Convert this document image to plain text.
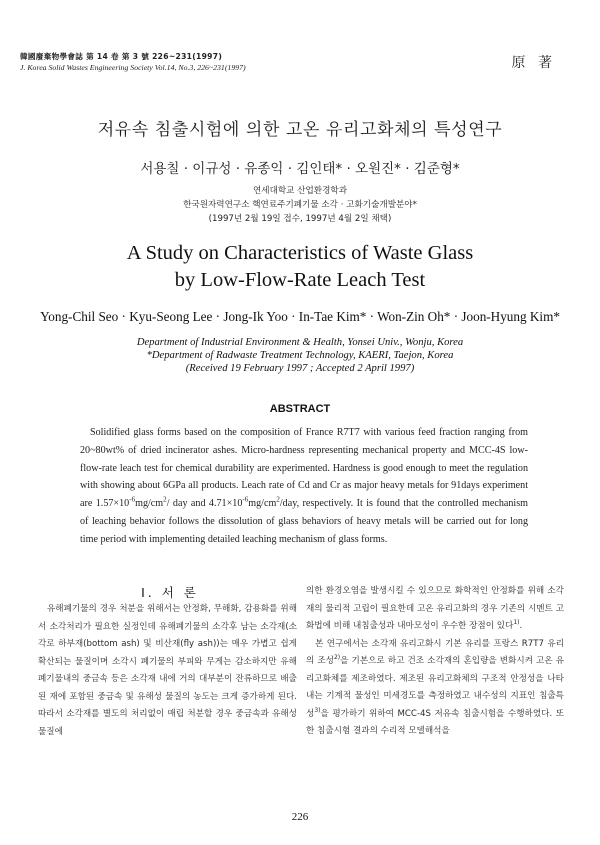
韓國廢棄物學會誌 第 14 卷 第 3 號 226~231(1997)
J. Korea Solid Wastes Engineering Society Vol.14, No.3, 226~231(1997)	原 著
저유속 침출시험에 의한 고온 유리고화체의 특성연구
서용칠 · 이규성 · 유종익 · 김인태* · 오원진* · 김준형*
연세대학교 산업환경학과
한국원자력연구소 핵연료주기폐기물 소각 · 고화기술개발분야*
(1997년 2월 19일 접수, 1997년 4월 2일 채택)
A Study on Characteristics of Waste Glass
by Low-Flow-Rate Leach Test
Yong-Chil Seo · Kyu-Seong Lee · Jong-Ik Yoo · In-Tae Kim* · Won-Zin Oh* · Joon-Hyung Kim*
Department of Industrial Environment & Health, Yonsei Univ., Wonju, Korea
*Department of Radwaste Treatment Technology, KAERI, Taejon, Korea
(Received 19 February 1997 ; Accepted 2 April 1997)
ABSTRACT

Solidified glass forms based on the composition of France R7T7 with various feed fraction ranging from 20~80wt% of dried incinerator ashes. Micro-hardness representing mechanical property and MCC-4S low-flow-rate leach test for chemical durability are experimented. Hardness is good enough to meet the regulation with showing about 6GPa all products. Leach rate of Cd and Cr as major heavy metals for 91days experiment are $1.57\times 10^{-6}mg/cm^2/$ day and $4.71\times 10^{-6}mg/cm^2$/day, respectively. It is found that the controlled mechanism of leaching behavior follows the dissolution of glass behaviors of heavy metals will be carried out for long time period with implementing detailed leaching mechanism of glass forms.

Ⅰ. 서 론

유해폐기물의 경우 처분을 위해서는 안정화, 무해화, 감용화를 위해서 소각처리가 필요한 실정인데 유해폐기물의 소각후 남는 소각재(소각로 하부재(bottom ash) 및 비산재(fly ash))는 매우 가볍고 쉽게 확산되는 물질이며 소각시 폐기물의 부피와 무게는 감소하지만 유해폐기물내의 중금속 등은 소각재 내에 거의 대부분이 잔류하므로 배출된 재에 포함된 중금속 및 유해성 물질의 농도는 크게 증가하게 된다. 따라서 소각재를 별도의 처리없이 매립 처분할 경우 중금속과 유해성물질에

의한 환경오염을 발생시킬 수 있으므로 화학적인 안정화를 위해 소각재의 물리적 고립이 필요한데 고온 유리고화의 경우 기존의 시멘트 고화법에 비해 내침출성과 내마모성이 우수한 장점이 있다$^{1)}$.

본 연구에서는 소각재 유리고화시 기본 유리를 프랑스 R7T7 유리의 조성$^{2)}$을 기본으로 하고 건조 소각재의 혼입량을 변화시켜 고온 유리고화체를 제조하였다. 제조된 유리고화체의 구조적 안정성을 나타내는 기계적 물성인 미세경도를 측정하였고 내수성의 지표인 침출특성$^{3)}$을 평가하기 위하여 MCC-4S 저유속 침출시험을 수행하였다. 또한 침출시험 결과의 수리적 모델해석을

226
